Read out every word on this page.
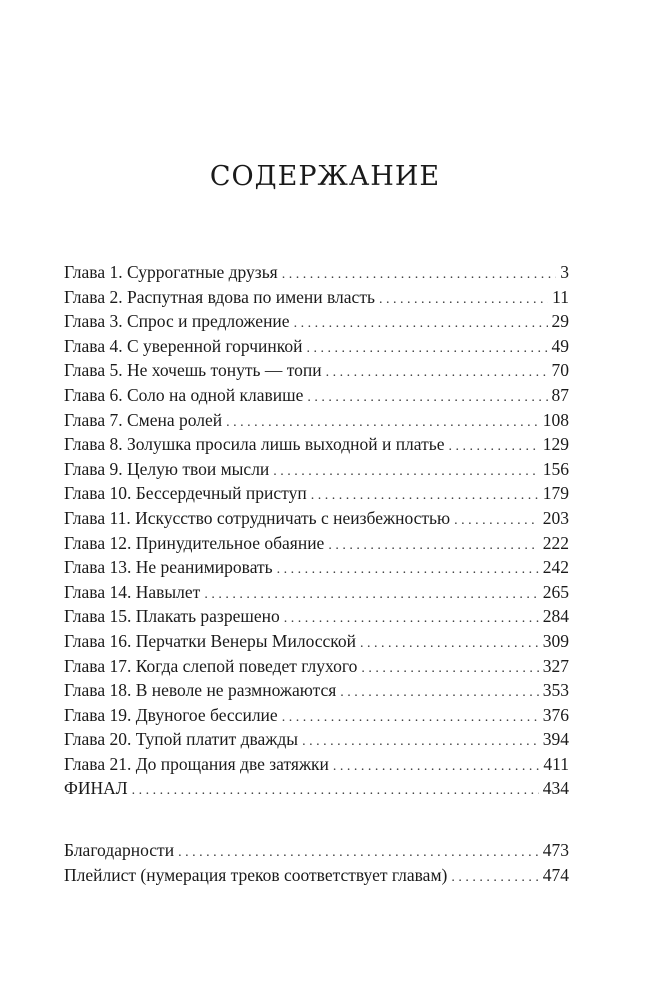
СОДЕРЖАНИЕ
Глава 1. Суррогатные друзья . . .	3
Глава 2. Распутная вдова по имени власть . . .	11
Глава 3. Спрос и предложение . . .	29
Глава 4. С уверенной горчинкой . . .	49
Глава 5. Не хочешь тонуть — топи . . .	70
Глава 6. Соло на одной клавише . . .	87
Глава 7. Смена ролей . . .	108
Глава 8. Золушка просила лишь выходной и платье . . .	129
Глава 9. Целую твои мысли . . .	156
Глава 10. Бессердечный приступ . . .	179
Глава 11. Искусство сотрудничать с неизбежностью . . .	203
Глава 12. Принудительное обаяние . . .	222
Глава 13. Не реанимировать . . .	242
Глава 14. Навылет . . .	265
Глава 15. Плакать разрешено . . .	284
Глава 16. Перчатки Венеры Милосской . . .	309
Глава 17. Когда слепой поведет глухого . . .	327
Глава 18. В неволе не размножаются . . .	353
Глава 19. Двуногое бессилие . . .	376
Глава 20. Тупой платит дважды . . .	394
Глава 21. До прощания две затяжки . . .	411
ФИНАЛ . . .	434
Благодарности . . .	473
Плейлист (нумерация треков соответствует главам) . . .	474
